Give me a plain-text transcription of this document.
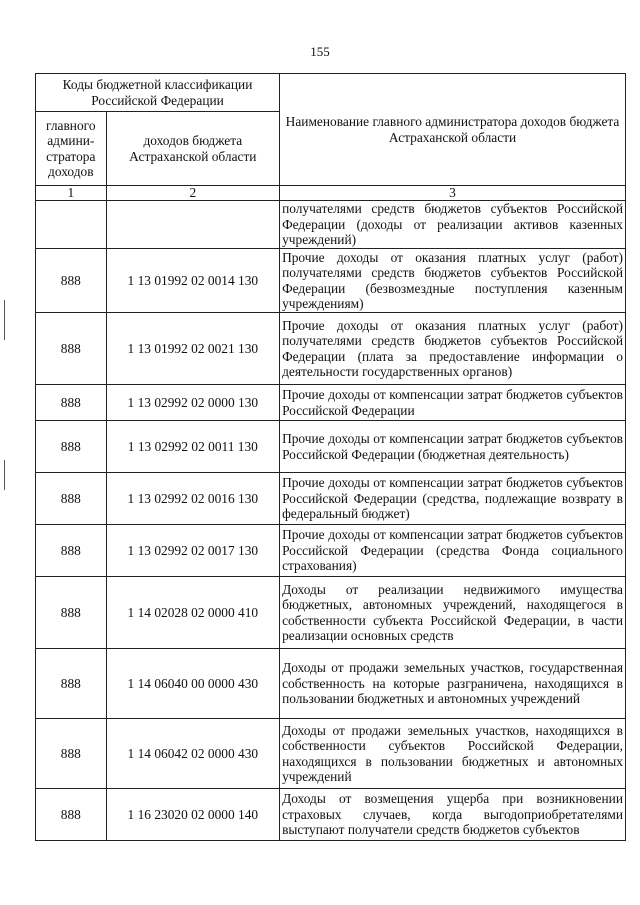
155
Коды бюджетной классификации Российской Федерации		Наименование главного администратора доходов бюджета Астраханской области
главного админи-стратора доходов	доходов бюджета Астраханской области	
1	2	3
		получателями средств бюджетов субъектов Российской Федерации (доходы от реализации активов казенных учреждений)
888	1 13 01992 02 0014 130	Прочие доходы от оказания платных услуг (работ) получателями средств бюджетов субъектов Российской Федерации (безвозмездные поступления казенным учреждениям)
888	1 13 01992 02 0021 130	Прочие доходы от оказания платных услуг (работ) получателями средств бюджетов субъектов Российской Федерации (плата за предоставление информации о деятельности государственных органов)
888	1 13 02992 02 0000 130	Прочие доходы от компенсации затрат бюджетов субъектов Российской Федерации
888	1 13 02992 02 0011 130	Прочие доходы от компенсации затрат бюджетов субъектов Российской Федерации (бюджетная деятельность)
888	1 13 02992 02 0016 130	Прочие доходы от компенсации затрат бюджетов субъектов Российской Федерации (средства, подлежащие возврату в федеральный бюджет)
888	1 13 02992 02 0017 130	Прочие доходы от компенсации затрат бюджетов субъектов Российской Федерации (средства Фонда социального страхования)
888	1 14 02028 02 0000 410	Доходы от реализации недвижимого имущества бюджетных, автономных учреждений, находящегося в собственности субъекта Российской Федерации, в части реализации основных средств
888	1 14 06040 00 0000 430	Доходы от продажи земельных участков, государственная собственность на которые разграничена, находящихся в пользовании бюджетных и автономных учреждений
888	1 14 06042 02 0000 430	Доходы от продажи земельных участков, находящихся в собственности субъектов Российской Федерации, находящихся в пользовании бюджетных и автономных учреждений
888	1 16 23020 02 0000 140	Доходы от возмещения ущерба при возникновении страховых случаев, когда выгодоприобретателями выступают получатели средств бюджетов субъектов
